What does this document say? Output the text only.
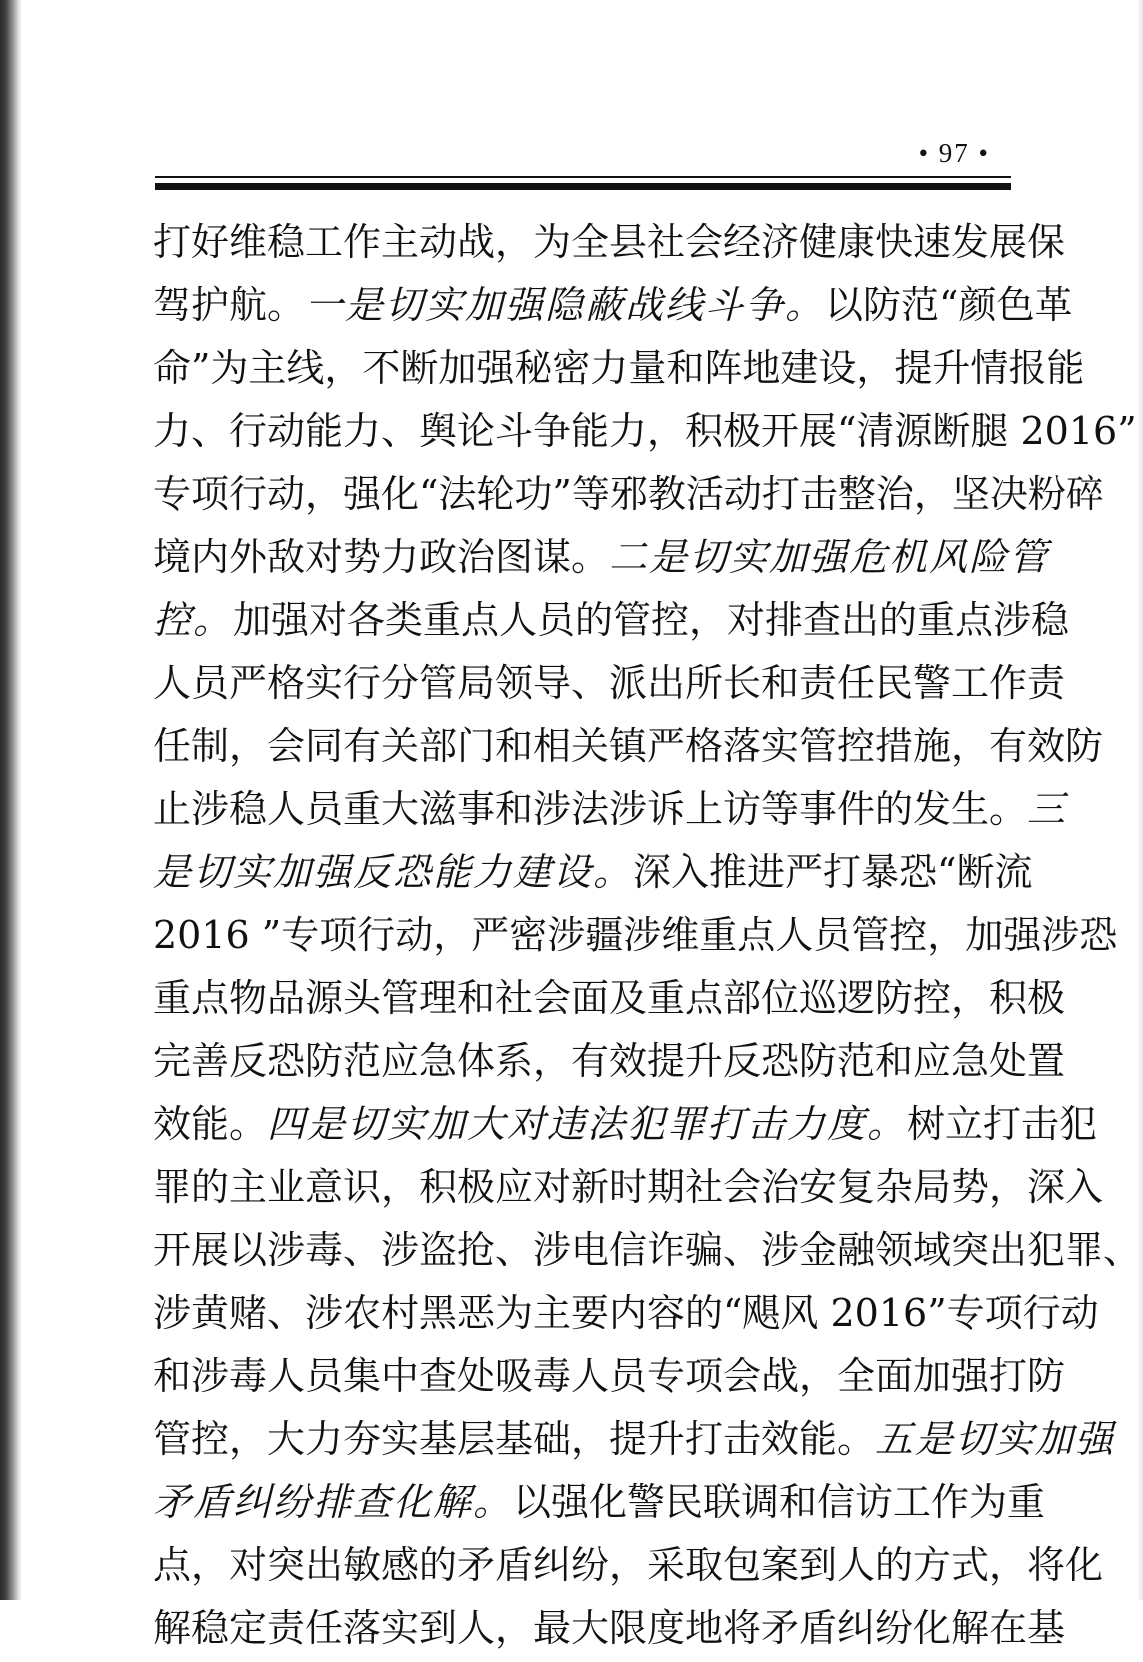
• 97 •
打好维稳工作主动战，为全县社会经济健康快速发展保
驾护航。一是切实加强隐蔽战线斗争。以防范“颜色革
命”为主线，不断加强秘密力量和阵地建设，提升情报能
力、行动能力、舆论斗争能力，积极开展“清源断腿 2016”
专项行动，强化“法轮功”等邪教活动打击整治，坚决粉碎
境内外敌对势力政治图谋。二是切实加强危机风险管
控。加强对各类重点人员的管控，对排查出的重点涉稳
人员严格实行分管局领导、派出所长和责任民警工作责
任制，会同有关部门和相关镇严格落实管控措施，有效防
止涉稳人员重大滋事和涉法涉诉上访等事件的发生。三
是切实加强反恐能力建设。深入推进严打暴恐“断流
2016 ”专项行动，严密涉疆涉维重点人员管控，加强涉恐
重点物品源头管理和社会面及重点部位巡逻防控，积极
完善反恐防范应急体系，有效提升反恐防范和应急处置
效能。四是切实加大对违法犯罪打击力度。树立打击犯
罪的主业意识，积极应对新时期社会治安复杂局势，深入
开展以涉毒、涉盗抢、涉电信诈骗、涉金融领域突出犯罪、
涉黄赌、涉农村黑恶为主要内容的“飓风 2016”专项行动
和涉毒人员集中查处吸毒人员专项会战，全面加强打防
管控，大力夯实基层基础，提升打击效能。五是切实加强
矛盾纠纷排查化解。以强化警民联调和信访工作为重
点，对突出敏感的矛盾纠纷，采取包案到人的方式，将化
解稳定责任落实到人，最大限度地将矛盾纠纷化解在基
